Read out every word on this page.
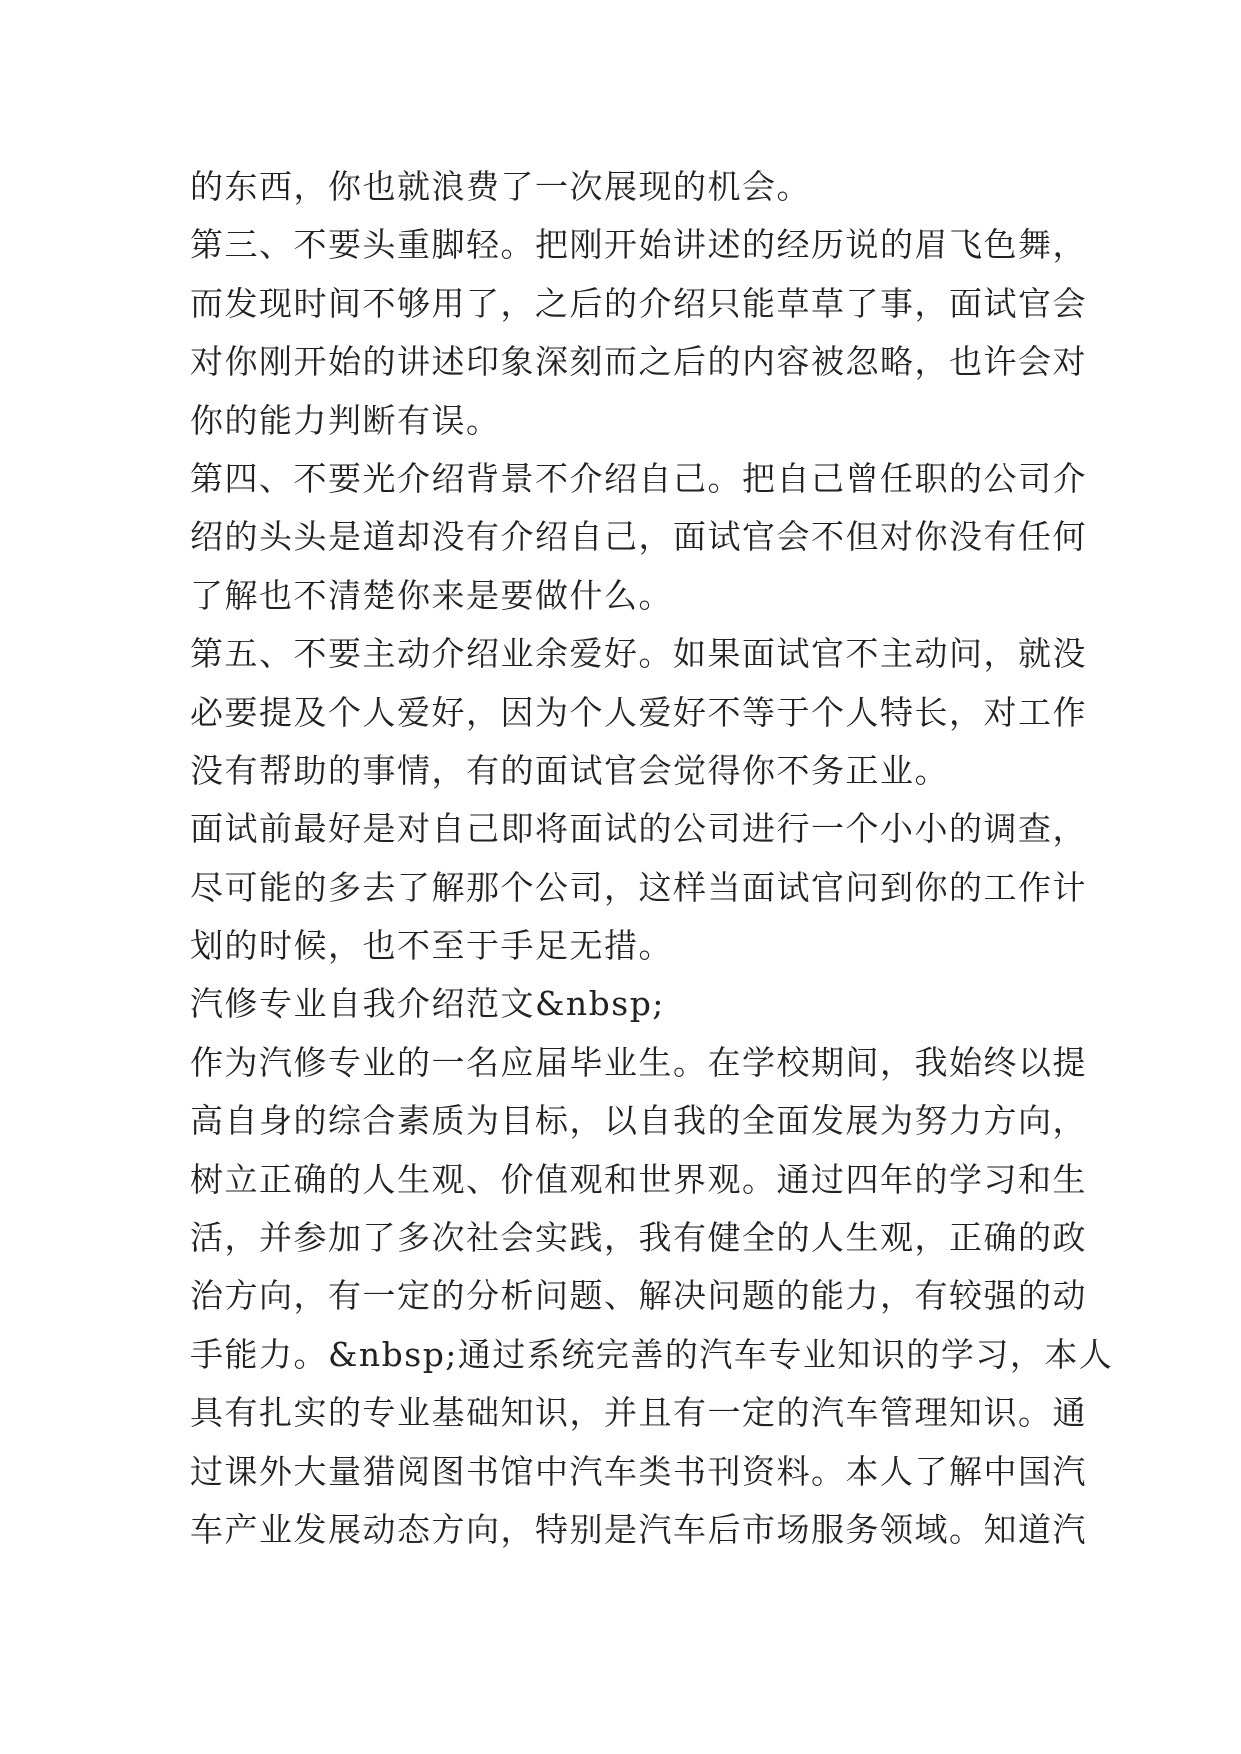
的东西，你也就浪费了一次展现的机会。
第三、不要头重脚轻。把刚开始讲述的经历说的眉飞色舞，
而发现时间不够用了，之后的介绍只能草草了事，面试官会
对你刚开始的讲述印象深刻而之后的内容被忽略，也许会对
你的能力判断有误。
第四、不要光介绍背景不介绍自己。把自己曾任职的公司介
绍的头头是道却没有介绍自己，面试官会不但对你没有任何
了解也不清楚你来是要做什么。
第五、不要主动介绍业余爱好。如果面试官不主动问，就没
必要提及个人爱好，因为个人爱好不等于个人特长，对工作
没有帮助的事情，有的面试官会觉得你不务正业。
面试前最好是对自己即将面试的公司进行一个小小的调查，
尽可能的多去了解那个公司，这样当面试官问到你的工作计
划的时候，也不至于手足无措。
汽修专业自我介绍范文&nbsp;
作为汽修专业的一名应届毕业生。在学校期间，我始终以提
高自身的综合素质为目标，以自我的全面发展为努力方向，
树立正确的人生观、价值观和世界观。通过四年的学习和生
活，并参加了多次社会实践，我有健全的人生观，正确的政
治方向，有一定的分析问题、解决问题的能力，有较强的动
手能力。&nbsp;通过系统完善的汽车专业知识的学习，本人
具有扎实的专业基础知识，并且有一定的汽车管理知识。通
过课外大量猎阅图书馆中汽车类书刊资料。本人了解中国汽
车产业发展动态方向，特别是汽车后市场服务领域。知道汽
